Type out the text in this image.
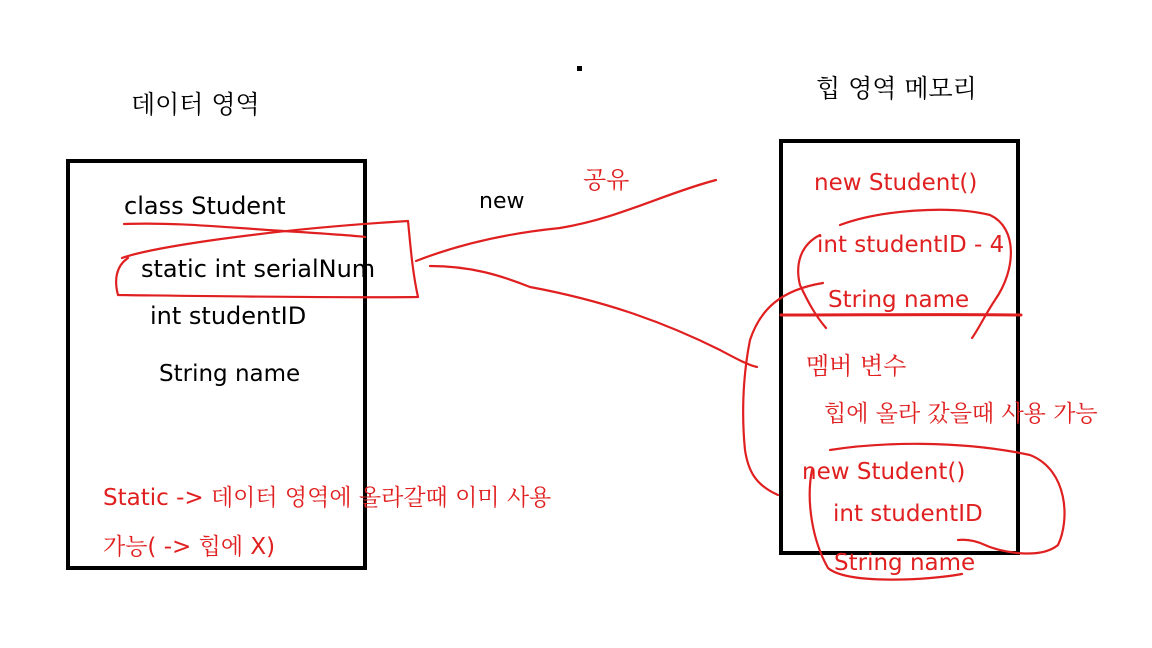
데이터 영역
class Student
static int serialNum
int studentID
String name
Static -> 데이터 영역에 올라갈때 이미 사용
가능( -> 힙에 X)
new
공유
힙 영역 메모리
new Student()
int studentID - 4
String name
멤버 변수
힙에 올라 갔을때 사용 가능
new Student()
int studentID
String name
